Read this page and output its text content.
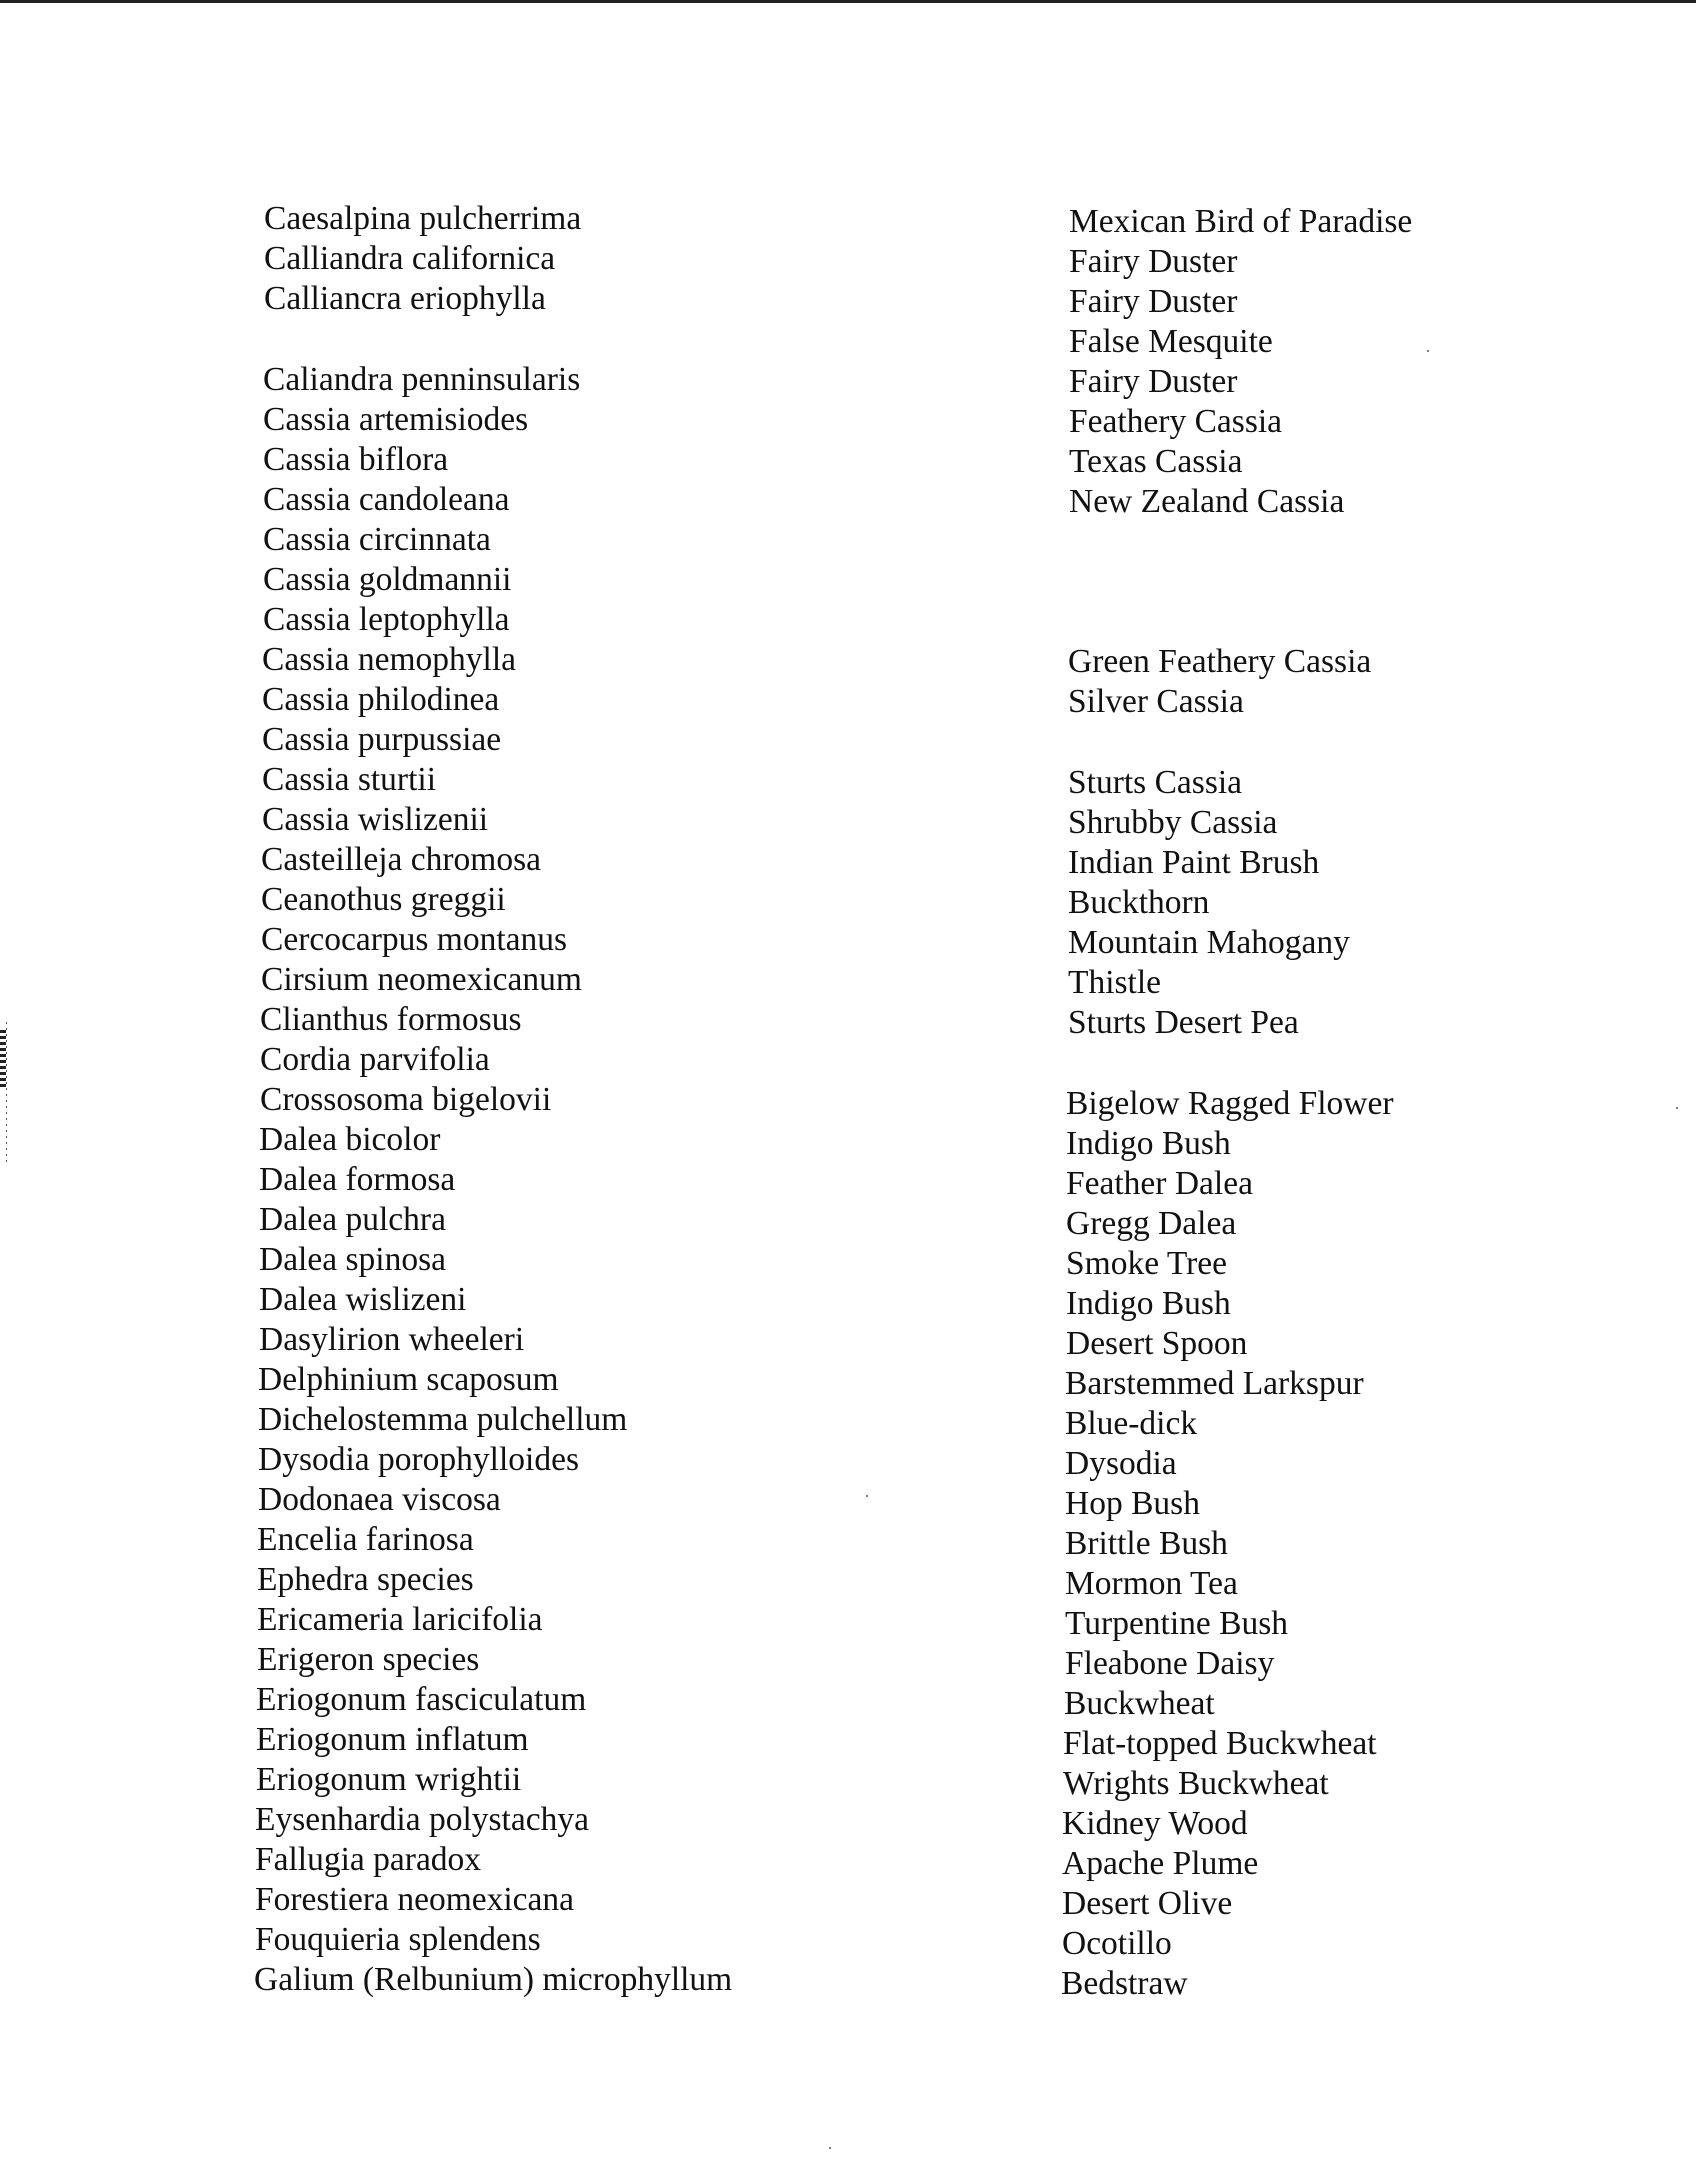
Caesalpina pulcherrima
Calliandra californica
Calliancra eriophylla
Caliandra penninsularis
Cassia artemisiodes
Cassia biflora
Cassia candoleana
Cassia circinnata
Cassia goldmannii
Cassia leptophylla
Cassia nemophylla
Cassia philodinea
Cassia purpussiae
Cassia sturtii
Cassia wislizenii
Casteilleja chromosa
Ceanothus greggii
Cercocarpus montanus
Cirsium neomexicanum
Clianthus formosus
Cordia parvifolia
Crossosoma bigelovii
Dalea bicolor
Dalea formosa
Dalea pulchra
Dalea spinosa
Dalea wislizeni
Dasylirion wheeleri
Delphinium scaposum
Dichelostemma pulchellum
Dysodia porophylloides
Dodonaea viscosa
Encelia farinosa
Ephedra species
Ericameria laricifolia
Erigeron species
Eriogonum fasciculatum
Eriogonum inflatum
Eriogonum wrightii
Eysenhardia polystachya
Fallugia paradox
Forestiera neomexicana
Fouquieria splendens
Galium (Relbunium) microphyllum
Mexican Bird of Paradise
Fairy Duster
Fairy Duster
False Mesquite
Fairy Duster
Feathery Cassia
Texas Cassia
New Zealand Cassia
Green Feathery Cassia
Silver Cassia
Sturts Cassia
Shrubby Cassia
Indian Paint Brush
Buckthorn
Mountain Mahogany
Thistle
Sturts Desert Pea
Bigelow Ragged Flower
Indigo Bush
Feather Dalea
Gregg Dalea
Smoke Tree
Indigo Bush
Desert Spoon
Barstemmed Larkspur
Blue-dick
Dysodia
Hop Bush
Brittle Bush
Mormon Tea
Turpentine Bush
Fleabone Daisy
Buckwheat
Flat-topped Buckwheat
Wrights Buckwheat
Kidney Wood
Apache Plume
Desert Olive
Ocotillo
Bedstraw
